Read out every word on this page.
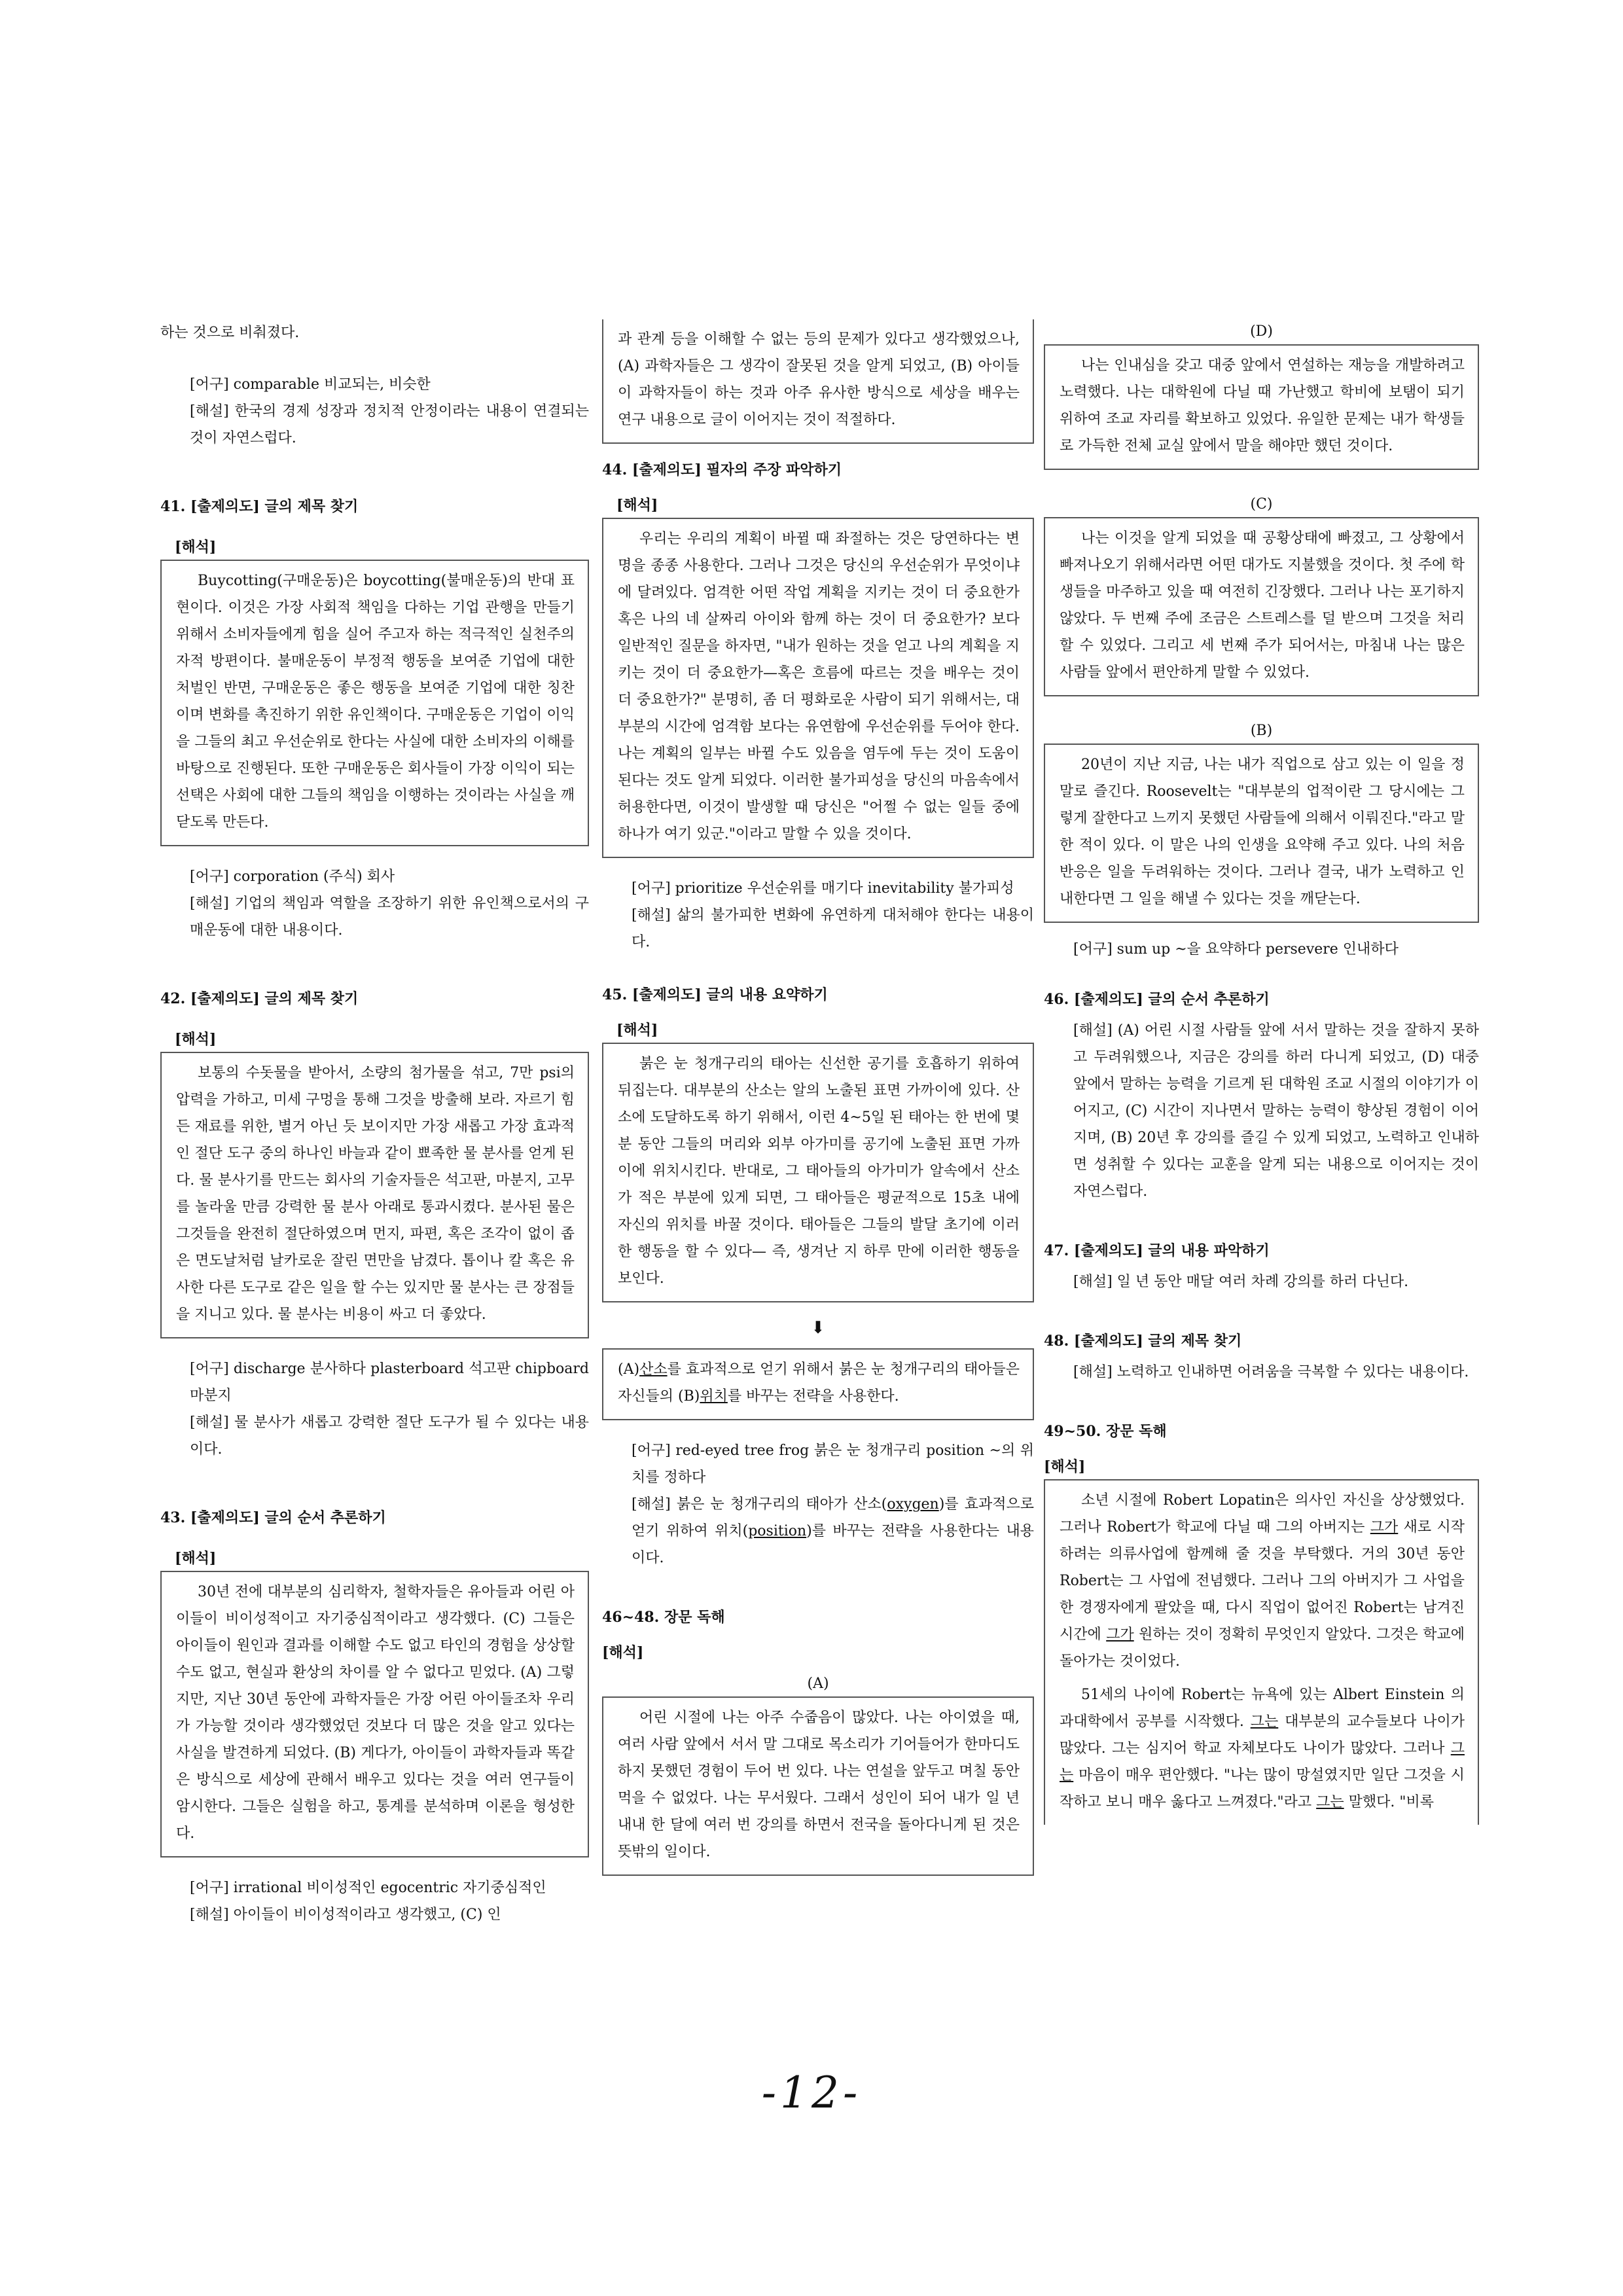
하는 것으로 비춰졌다.

[어구] comparable 비교되는, 비슷한

[해설] 한국의 경제 성장과 정치적 안정이라는 내용이 연결되는 것이 자연스럽다.

41. [출제의도] 글의 제목 찾기
[해석]

Buycotting(구매운동)은 boycotting(불매운동)의 반대 표현이다. 이것은 가장 사회적 책임을 다하는 기업 관행을 만들기 위해서 소비자들에게 힘을 실어 주고자 하는 적극적인 실천주의자적 방편이다. 불매운동이 부정적 행동을 보여준 기업에 대한 처벌인 반면, 구매운동은 좋은 행동을 보여준 기업에 대한 칭찬이며 변화를 촉진하기 위한 유인책이다. 구매운동은 기업이 이익을 그들의 최고 우선순위로 한다는 사실에 대한 소비자의 이해를 바탕으로 진행된다. 또한 구매운동은 회사들이 가장 이익이 되는 선택은 사회에 대한 그들의 책임을 이행하는 것이라는 사실을 깨닫도록 만든다.

[어구] corporation (주식) 회사

[해설] 기업의 책임과 역할을 조장하기 위한 유인책으로서의 구매운동에 대한 내용이다.

42. [출제의도] 글의 제목 찾기
[해석]

보통의 수돗물을 받아서, 소량의 첨가물을 섞고, 7만 psi의 압력을 가하고, 미세 구멍을 통해 그것을 방출해 보라. 자르기 힘든 재료를 위한, 별거 아닌 듯 보이지만 가장 새롭고 가장 효과적인 절단 도구 중의 하나인 바늘과 같이 뾰족한 물 분사를 얻게 된다. 물 분사기를 만드는 회사의 기술자들은 석고판, 마분지, 고무를 놀라울 만큼 강력한 물 분사 아래로 통과시켰다. 분사된 물은 그것들을 완전히 절단하였으며 먼지, 파편, 혹은 조각이 없이 좁은 면도날처럼 날카로운 잘린 면만을 남겼다. 톱이나 칼 혹은 유사한 다른 도구로 같은 일을 할 수는 있지만 물 분사는 큰 장점들을 지니고 있다. 물 분사는 비용이 싸고 더 좋았다.

[어구] discharge 분사하다 plasterboard 석고판 chipboard 마분지

[해설] 물 분사가 새롭고 강력한 절단 도구가 될 수 있다는 내용이다.

43. [출제의도] 글의 순서 추론하기
[해석]

30년 전에 대부분의 심리학자, 철학자들은 유아들과 어린 아이들이 비이성적이고 자기중심적이라고 생각했다. (C) 그들은 아이들이 원인과 결과를 이해할 수도 없고 타인의 경험을 상상할 수도 없고, 현실과 환상의 차이를 알 수 없다고 믿었다. (A) 그렇지만, 지난 30년 동안에 과학자들은 가장 어린 아이들조차 우리가 가능할 것이라 생각했었던 것보다 더 많은 것을 알고 있다는 사실을 발견하게 되었다. (B) 게다가, 아이들이 과학자들과 똑같은 방식으로 세상에 관해서 배우고 있다는 것을 여러 연구들이 암시한다. 그들은 실험을 하고, 통계를 분석하며 이론을 형성한다.

[어구] irrational 비이성적인 egocentric 자기중심적인

[해설] 아이들이 비이성적이라고 생각했고, (C) 인

과 관계 등을 이해할 수 없는 등의 문제가 있다고 생각했었으나, (A) 과학자들은 그 생각이 잘못된 것을 알게 되었고, (B) 아이들이 과학자들이 하는 것과 아주 유사한 방식으로 세상을 배우는 연구 내용으로 글이 이어지는 것이 적절하다.

44. [출제의도] 필자의 주장 파악하기
[해석]

우리는 우리의 계획이 바뀔 때 좌절하는 것은 당연하다는 변명을 종종 사용한다. 그러나 그것은 당신의 우선순위가 무엇이냐에 달려있다. 엄격한 어떤 작업 계획을 지키는 것이 더 중요한가 혹은 나의 네 살짜리 아이와 함께 하는 것이 더 중요한가? 보다 일반적인 질문을 하자면, "내가 원하는 것을 얻고 나의 계획을 지키는 것이 더 중요한가—혹은 흐름에 따르는 것을 배우는 것이 더 중요한가?" 분명히, 좀 더 평화로운 사람이 되기 위해서는, 대부분의 시간에 엄격함 보다는 유연함에 우선순위를 두어야 한다. 나는 계획의 일부는 바뀔 수도 있음을 염두에 두는 것이 도움이 된다는 것도 알게 되었다. 이러한 불가피성을 당신의 마음속에서 허용한다면, 이것이 발생할 때 당신은 "어쩔 수 없는 일들 중에 하나가 여기 있군."이라고 말할 수 있을 것이다.

[어구] prioritize 우선순위를 매기다 inevitability 불가피성

[해설] 삶의 불가피한 변화에 유연하게 대처해야 한다는 내용이다.

45. [출제의도] 글의 내용 요약하기
[해석]

붉은 눈 청개구리의 태아는 신선한 공기를 호흡하기 위하여 뒤집는다. 대부분의 산소는 알의 노출된 표면 가까이에 있다. 산소에 도달하도록 하기 위해서, 이런 4~5일 된 태아는 한 번에 몇 분 동안 그들의 머리와 외부 아가미를 공기에 노출된 표면 가까이에 위치시킨다. 반대로, 그 태아들의 아가미가 알속에서 산소가 적은 부분에 있게 되면, 그 태아들은 평균적으로 15초 내에 자신의 위치를 바꿀 것이다. 태아들은 그들의 발달 초기에 이러한 행동을 할 수 있다— 즉, 생겨난 지 하루 만에 이러한 행동을 보인다.

⬇

(A)산소를 효과적으로 얻기 위해서 붉은 눈 청개구리의 태아들은 자신들의 (B)위치를 바꾸는 전략을 사용한다.

[어구] red-eyed tree frog 붉은 눈 청개구리 position ~의 위치를 정하다

[해설] 붉은 눈 청개구리의 태아가 산소(oxygen)를 효과적으로 얻기 위하여 위치(position)를 바꾸는 전략을 사용한다는 내용이다.

46~48. 장문 독해
[해석]
(A)

어린 시절에 나는 아주 수줍음이 많았다. 나는 아이였을 때, 여러 사람 앞에서 서서 말 그대로 목소리가 기어들어가 한마디도 하지 못했던 경험이 두어 번 있다. 나는 연설을 앞두고 며칠 동안 먹을 수 없었다. 나는 무서웠다. 그래서 성인이 되어 내가 일 년 내내 한 달에 여러 번 강의를 하면서 전국을 돌아다니게 된 것은 뜻밖의 일이다.

(D)

나는 인내심을 갖고 대중 앞에서 연설하는 재능을 개발하려고 노력했다. 나는 대학원에 다닐 때 가난했고 학비에 보탬이 되기 위하여 조교 자리를 확보하고 있었다. 유일한 문제는 내가 학생들로 가득한 전체 교실 앞에서 말을 해야만 했던 것이다.

(C)

나는 이것을 알게 되었을 때 공황상태에 빠졌고, 그 상황에서 빠져나오기 위해서라면 어떤 대가도 지불했을 것이다. 첫 주에 학생들을 마주하고 있을 때 여전히 긴장했다. 그러나 나는 포기하지 않았다. 두 번째 주에 조금은 스트레스를 덜 받으며 그것을 처리할 수 있었다. 그리고 세 번째 주가 되어서는, 마침내 나는 많은 사람들 앞에서 편안하게 말할 수 있었다.

(B)

20년이 지난 지금, 나는 내가 직업으로 삼고 있는 이 일을 정말로 즐긴다. Roosevelt는 "대부분의 업적이란 그 당시에는 그렇게 잘한다고 느끼지 못했던 사람들에 의해서 이뤄진다."라고 말한 적이 있다. 이 말은 나의 인생을 요약해 주고 있다. 나의 처음 반응은 일을 두려워하는 것이다. 그러나 결국, 내가 노력하고 인내한다면 그 일을 해낼 수 있다는 것을 깨닫는다.

[어구] sum up ~을 요약하다 persevere 인내하다

46. [출제의도] 글의 순서 추론하기

[해설] (A) 어린 시절 사람들 앞에 서서 말하는 것을 잘하지 못하고 두려워했으나, 지금은 강의를 하러 다니게 되었고, (D) 대중 앞에서 말하는 능력을 기르게 된 대학원 조교 시절의 이야기가 이어지고, (C) 시간이 지나면서 말하는 능력이 향상된 경험이 이어지며, (B) 20년 후 강의를 즐길 수 있게 되었고, 노력하고 인내하면 성취할 수 있다는 교훈을 알게 되는 내용으로 이어지는 것이 자연스럽다.

47. [출제의도] 글의 내용 파악하기

[해설] 일 년 동안 매달 여러 차례 강의를 하러 다닌다.

48. [출제의도] 글의 제목 찾기

[해설] 노력하고 인내하면 어려움을 극복할 수 있다는 내용이다.

49~50. 장문 독해
[해석]

소년 시절에 Robert Lopatin은 의사인 자신을 상상했었다. 그러나 Robert가 학교에 다닐 때 그의 아버지는 그가 새로 시작하려는 의류사업에 함께해 줄 것을 부탁했다. 거의 30년 동안 Robert는 그 사업에 전념했다. 그러나 그의 아버지가 그 사업을 한 경쟁자에게 팔았을 때, 다시 직업이 없어진 Robert는 남겨진 시간에 그가 원하는 것이 정확히 무엇인지 알았다. 그것은 학교에 돌아가는 것이었다.

51세의 나이에 Robert는 뉴욕에 있는 Albert Einstein 의과대학에서 공부를 시작했다. 그는 대부분의 교수들보다 나이가 많았다. 그는 심지어 학교 자체보다도 나이가 많았다. 그러나 그는 마음이 매우 편안했다. "나는 많이 망설였지만 일단 그것을 시작하고 보니 매우 옳다고 느껴졌다."라고 그는 말했다. "비록

-12-
